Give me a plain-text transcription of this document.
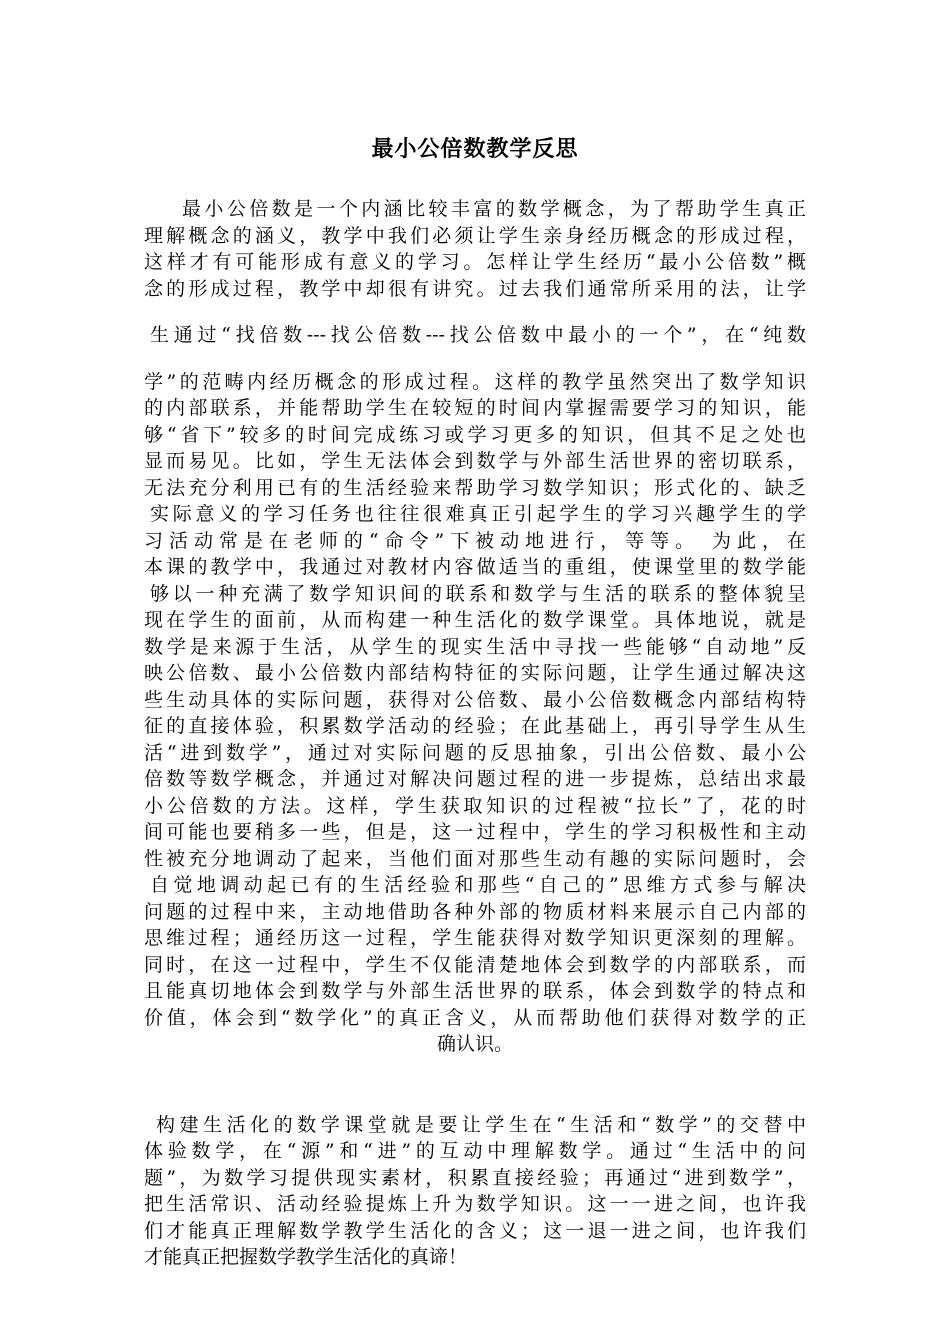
最小公倍数教学反思
最小公倍数是一个内涵比较丰富的数学概念，为了帮助学生真正
理解概念的涵义，教学中我们必须让学生亲身经历概念的形成过程，
这样才有可能形成有意义的学习。怎样让学生经历“最小公倍数”概
念的形成过程，教学中却很有讲究。过去我们通常所采用的法，让学
生通过“找倍数---找公倍数---找公倍数中最小的一个”，在“纯数
学”的范畴内经历概念的形成过程。这样的教学虽然突出了数学知识
的内部联系，并能帮助学生在较短的时间内掌握需要学习的知识，能
够“省下”较多的时间完成练习或学习更多的知识，但其不足之处也
显而易见。比如，学生无法体会到数学与外部生活世界的密切联系，
无法充分利用已有的生活经验来帮助学习数学知识；形式化的、缺乏
实际意义的学习任务也往往很难真正引起学生的学习兴趣学生的学
习活动常是在老师的“命令”下被动地进行，等等。 为此，在
本课的教学中，我通过对教材内容做适当的重组，使课堂里的数学能
够以一种充满了数学知识间的联系和数学与生活的联系的整体貌呈
现在学生的面前，从而构建一种生活化的数学课堂。具体地说，就是
数学是来源于生活，从学生的现实生活中寻找一些能够“自动地”反
映公倍数、最小公倍数内部结构特征的实际问题，让学生通过解决这
些生动具体的实际问题，获得对公倍数、最小公倍数概念内部结构特
征的直接体验，积累数学活动的经验；在此基础上，再引导学生从生
活“进到数学”，通过对实际问题的反思抽象，引出公倍数、最小公
倍数等数学概念，并通过对解决问题过程的进一步提炼，总结出求最
小公倍数的方法。这样，学生获取知识的过程被“拉长”了，花的时
间可能也要稍多一些，但是，这一过程中，学生的学习积极性和主动
性被充分地调动了起来，当他们面对那些生动有趣的实际问题时，会
自觉地调动起已有的生活经验和那些“自己的”思维方式参与解决
问题的过程中来，主动地借助各种外部的物质材料来展示自己内部的
思维过程；通经历这一过程，学生能获得对数学知识更深刻的理解。
同时，在这一过程中，学生不仅能清楚地体会到数学的内部联系，而
且能真切地体会到数学与外部生活世界的联系，体会到数学的特点和
价值，体会到“数学化”的真正含义，从而帮助他们获得对数学的正
确认识。
构建生活化的数学课堂就是要让学生在“生活和“数学”的交替中
体验数学，在“源”和“进”的互动中理解数学。通过“生活中的问
题”，为数学习提供现实素材，积累直接经验；再通过“进到数学”，
把生活常识、活动经验提炼上升为数学知识。这一一进之间，也许我
们才能真正理解数学教学生活化的含义；这一退一进之间，也许我们
才能真正把握数学教学生活化的真谛！
